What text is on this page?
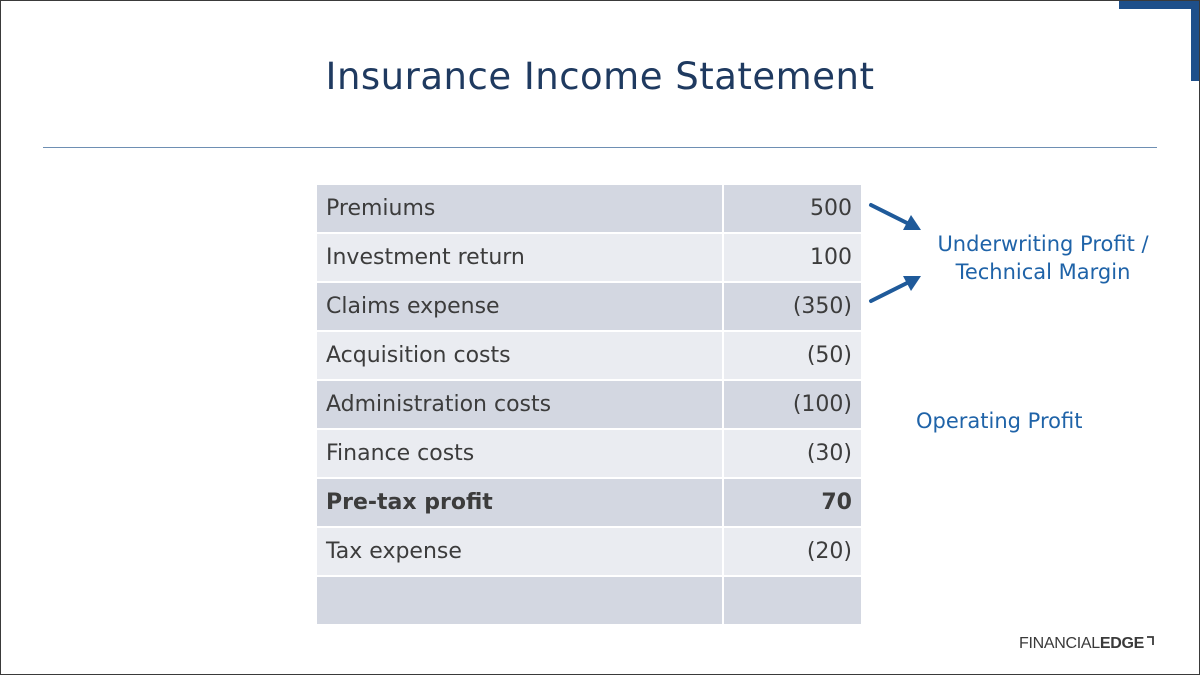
Insurance Income Statement
Premiums	500
Investment return	100
Claims expense	(350)
Acquisition costs	(50)
Administration costs	(100)
Finance costs	(30)
Pre-tax profit	70
Tax expense	(20)

Underwriting Profit /
Technical Margin
Operating Profit
FINANCIAL EDGE
